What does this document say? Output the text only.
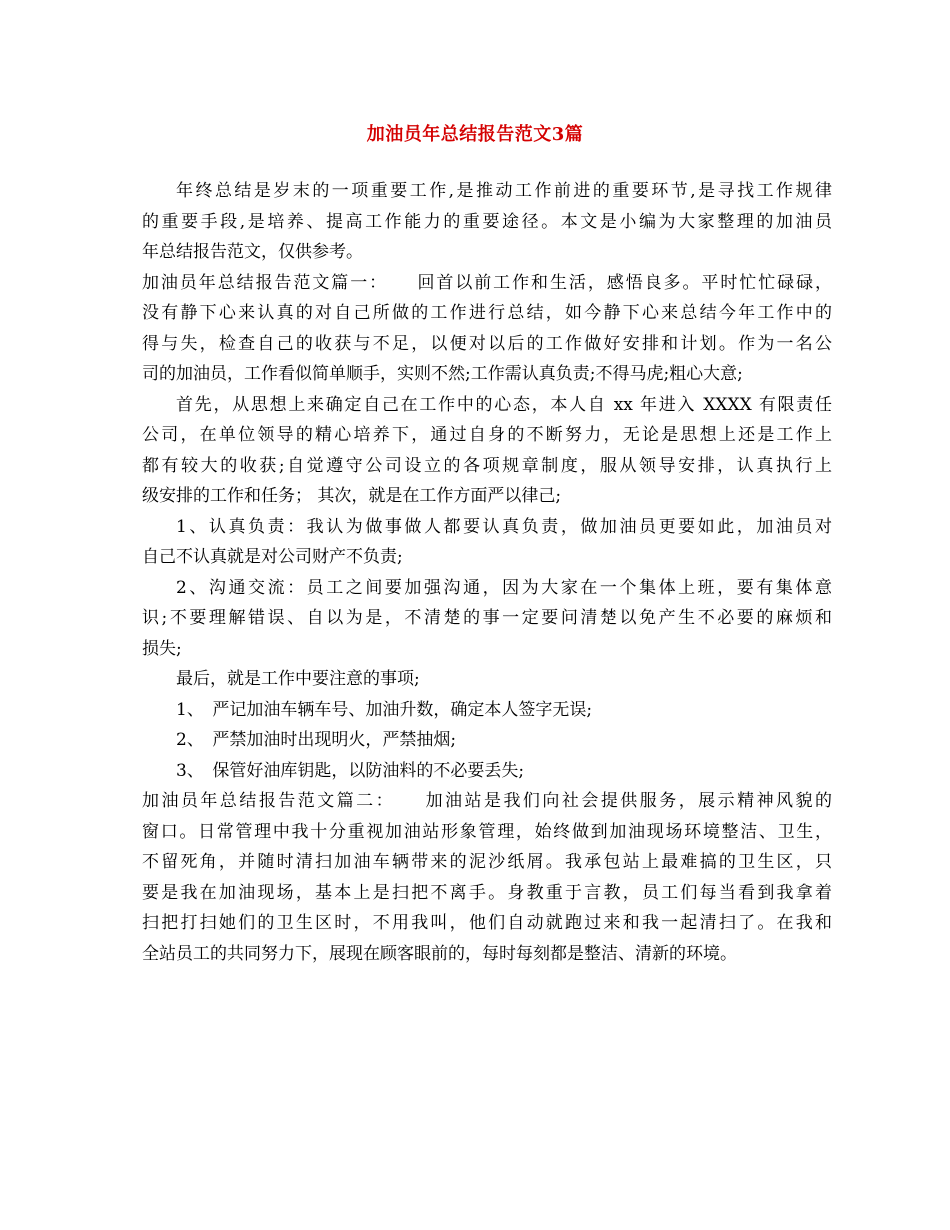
加油员年总结报告范文3篇
年终总结是岁末的一项重要工作,是推动工作前进的重要环节,是寻找工作规律
的重要手段,是培养、提高工作能力的重要途径。本文是小编为大家整理的加油员
年总结报告范文，仅供参考。
加油员年总结报告范文篇一：　　回首以前工作和生活，感悟良多。平时忙忙碌碌，
没有静下心来认真的对自己所做的工作进行总结，如今静下心来总结今年工作中的
得与失，检查自己的收获与不足，以便对以后的工作做好安排和计划。作为一名公
司的加油员，工作看似简单顺手，实则不然;工作需认真负责;不得马虎;粗心大意;
首先，从思想上来确定自己在工作中的心态，本人自 xx 年进入 XXXX 有限责任
公司，在单位领导的精心培养下，通过自身的不断努力，无论是思想上还是工作上
都有较大的收获;自觉遵守公司设立的各项规章制度，服从领导安排，认真执行上
级安排的工作和任务； 其次，就是在工作方面严以律己;
1、认真负责：我认为做事做人都要认真负责，做加油员更要如此，加油员对
自己不认真就是对公司财产不负责;
2、沟通交流：员工之间要加强沟通，因为大家在一个集体上班，要有集体意
识;不要理解错误、自以为是，不清楚的事一定要问清楚以免产生不必要的麻烦和
损失;
最后，就是工作中要注意的事项;
1、　严记加油车辆车号、加油升数，确定本人签字无误;
2、　严禁加油时出现明火，严禁抽烟;
3、　保管好油库钥匙，以防油料的不必要丢失;
加油员年总结报告范文篇二：　　加油站是我们向社会提供服务，展示精神风貌的
窗口。日常管理中我十分重视加油站形象管理，始终做到加油现场环境整洁、卫生，
不留死角，并随时清扫加油车辆带来的泥沙纸屑。我承包站上最难搞的卫生区，只
要是我在加油现场，基本上是扫把不离手。身教重于言教，员工们每当看到我拿着
扫把打扫她们的卫生区时，不用我叫，他们自动就跑过来和我一起清扫了。在我和
全站员工的共同努力下，展现在顾客眼前的，每时每刻都是整洁、清新的环境。
